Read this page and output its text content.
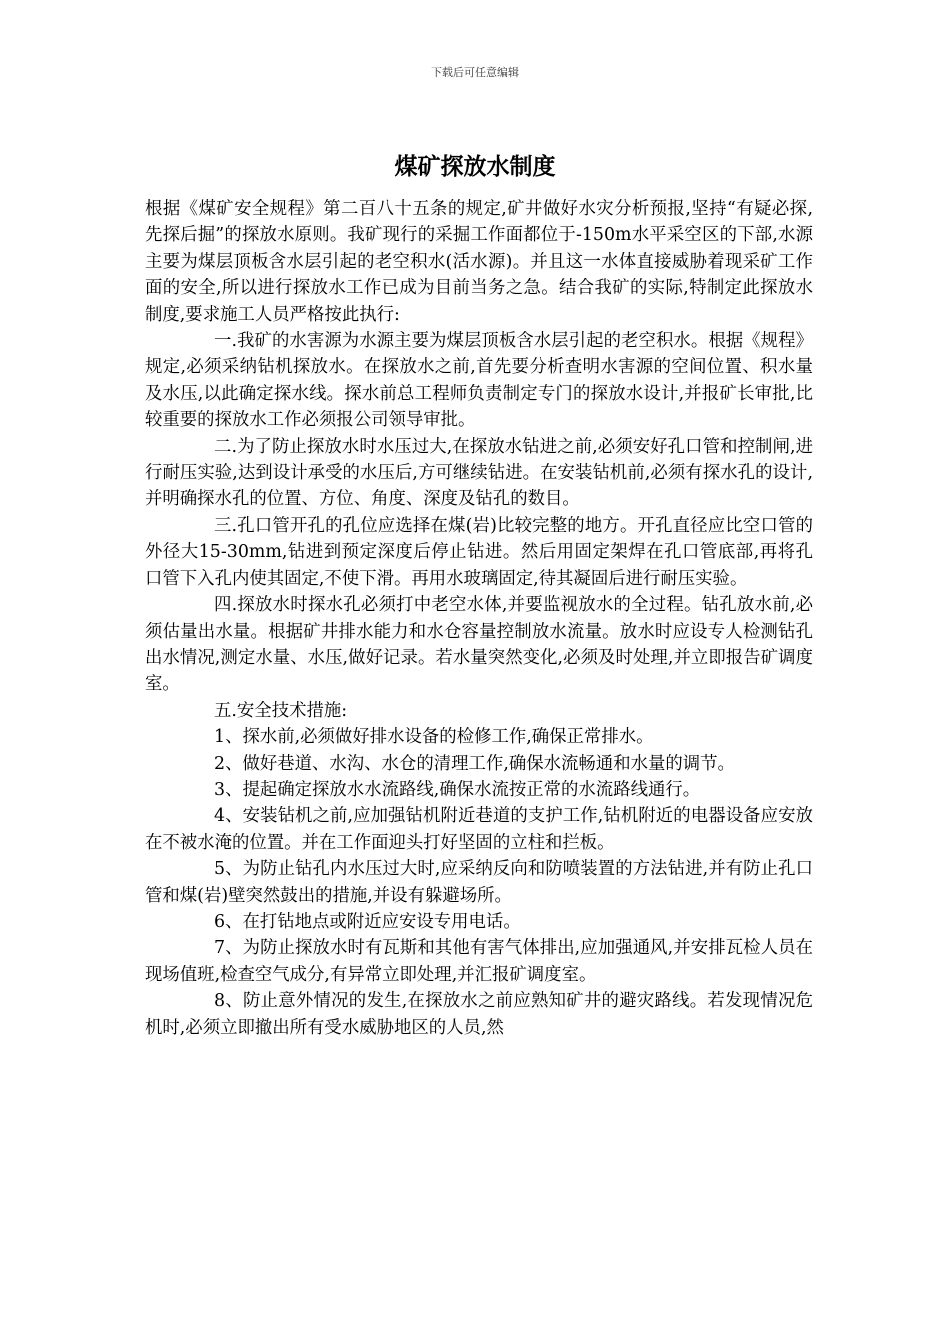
下载后可任意编辑
煤矿探放水制度

根据《煤矿安全规程》第二百八十五条的规定,矿井做好水灾分析预报,坚持“有疑必探,先探后掘”的探放水原则。我矿现行的采掘工作面都位于-150m水平采空区的下部,水源主要为煤层顶板含水层引起的老空积水(活水源)。并且这一水体直接威胁着现采矿工作面的安全,所以进行探放水工作已成为目前当务之急。结合我矿的实际,特制定此探放水制度,要求施工人员严格按此执行:

一.我矿的水害源为水源主要为煤层顶板含水层引起的老空积水。根据《规程》规定,必须采纳钻机探放水。在探放水之前,首先要分析查明水害源的空间位置、积水量及水压,以此确定探水线。探水前总工程师负责制定专门的探放水设计,并报矿长审批,比较重要的探放水工作必须报公司领导审批。

二.为了防止探放水时水压过大,在探放水钻进之前,必须安好孔口管和控制闸,进行耐压实验,达到设计承受的水压后,方可继续钻进。在安装钻机前,必须有探水孔的设计,并明确探水孔的位置、方位、角度、深度及钻孔的数目。

三.孔口管开孔的孔位应选择在煤(岩)比较完整的地方。开孔直径应比空口管的外径大15-30mm,钻进到预定深度后停止钻进。然后用固定架焊在孔口管底部,再将孔口管下入孔内使其固定,不使下滑。再用水玻璃固定,待其凝固后进行耐压实验。

四.探放水时探水孔必须打中老空水体,并要监视放水的全过程。钻孔放水前,必须估量出水量。根据矿井排水能力和水仓容量控制放水流量。放水时应设专人检测钻孔出水情况,测定水量、水压,做好记录。若水量突然变化,必须及时处理,并立即报告矿调度室。

五.安全技术措施:

1、探水前,必须做好排水设备的检修工作,确保正常排水。

2、做好巷道、水沟、水仓的清理工作,确保水流畅通和水量的调节。

3、提起确定探放水水流路线,确保水流按正常的水流路线通行。

4、安装钻机之前,应加强钻机附近巷道的支护工作,钻机附近的电器设备应安放在不被水淹的位置。并在工作面迎头打好坚固的立柱和拦板。

5、为防止钻孔内水压过大时,应采纳反向和防喷装置的方法钻进,并有防止孔口管和煤(岩)壁突然鼓出的措施,并设有躲避场所。

6、在打钻地点或附近应安设专用电话。

7、为防止探放水时有瓦斯和其他有害气体排出,应加强通风,并安排瓦检人员在现场值班,检查空气成分,有异常立即处理,并汇报矿调度室。

8、防止意外情况的发生,在探放水之前应熟知矿井的避灾路线。若发现情况危机时,必须立即撤出所有受水威胁地区的人员,然
